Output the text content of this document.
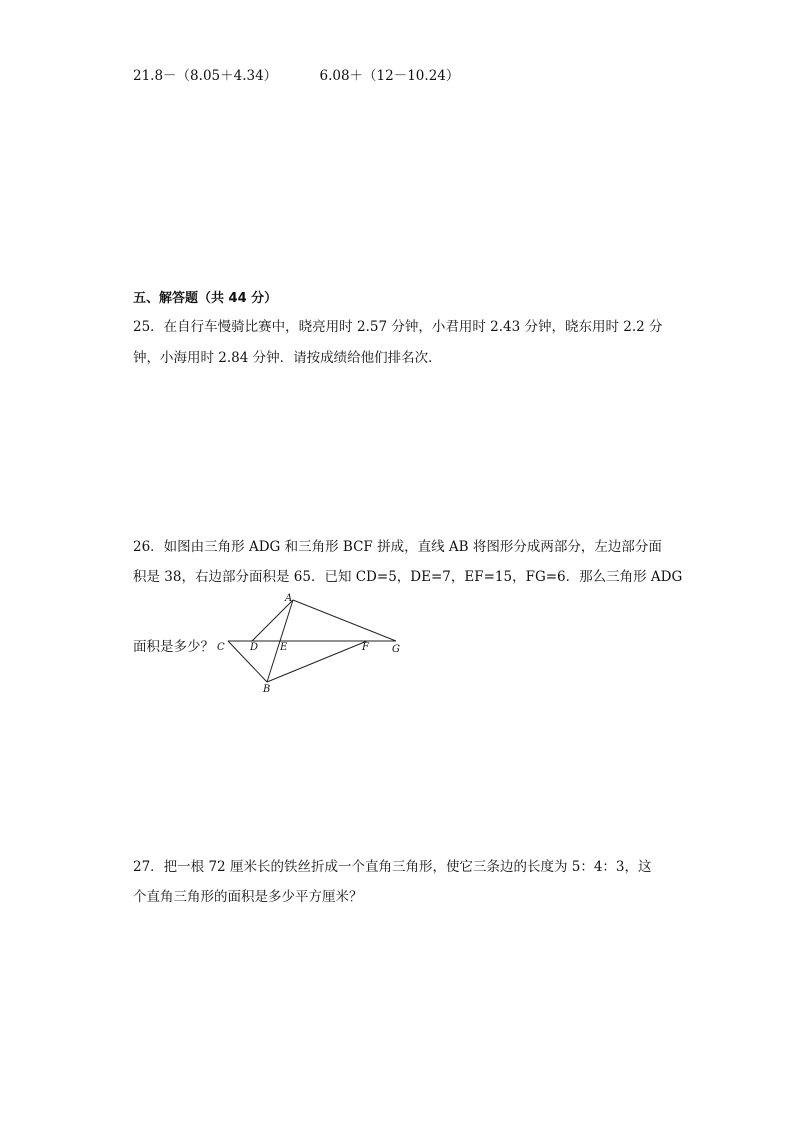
21.8－（8.05＋4.34）	6.08＋（12－10.24）
五、解答题（共 44 分）
25．在自行车慢骑比赛中，晓亮用时 2.57 分钟，小君用时 2.43 分钟，晓东用时 2.2 分
钟，小海用时 2.84 分钟．请按成绩给他们排名次．
26．如图由三角形 ADG 和三角形 BCF 拼成，直线 AB 将图形分成两部分，左边部分面
积是 38，右边部分面积是 65．已知 CD=5，DE=7，EF=15，FG=6．那么三角形 ADG
面积是多少？
A
C	D E	F G
B
27．把一根 72 厘米长的铁丝折成一个直角三角形，使它三条边的长度为 5：4：3，这
个直角三角形的面积是多少平方厘米？
